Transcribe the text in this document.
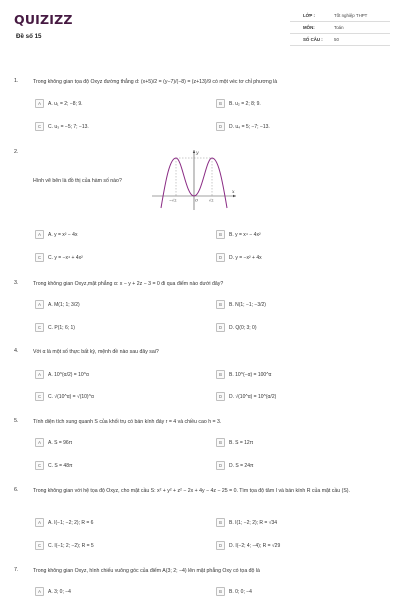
QUIZIZZ
Đề số 15
LỚP :	Tốt nghiệp THPT
MÔN:	Toán
SỐ CÂU :	50
1.	Trong không gian tọa độ Oxyz đường thẳng d: (x+5)/2 = (y−7)/(−8) = (z+13)/9 có một véc tơ chỉ phương là
A	A. u₁ = 2; −8; 9.	B	B. u₂ = 2; 8; 9.
C	C. u₃ = −5; 7; −13.	D	D. u₄ = 5; −7; −13.
2.
Hình vẽ bên là đồ thị của hàm số nào?
y
x
O
−√2	√2
A	A. y = x² − 4x	B	B. y = x⁴ − 4x²
C	C. y = −x⁴ + 4x²	D	D. y = −x² + 4x
3.	Trong không gian Oxyz,mặt phẳng α: x − y + 2z − 3 = 0 đi qua điểm nào dưới đây?
A	A. M(1; 1; 3/2)	B	B. N(1; −1; −3/2)
C	C. P(1; 6; 1)	D	D. Q(0; 3; 0)
4.	Với α là một số thực bất kỳ, mệnh đề nào sau đây sai?
A	A. 10^(α/2) = 10^α	B	B. 10^(−α) = 100^α
C	C. √(10^α) = √(10)^α	D	D. √(10^α) = 10^(α/2)
5.	Tính diện tích xung quanh S của khối trụ có bán kính đáy r = 4 và chiều cao h = 3.
A	A. S = 96π	B	B. S = 12π
C	C. S = 48π	D	D. S = 24π
6.	Trong không gian với hệ tọa độ Oxyz, cho mặt cầu S: x² + y² + z² − 2x + 4y − 4z − 25 = 0. Tìm tọa độ tâm I và bán kính R của mặt cầu (S).
A	A. I(−1; −2; 2); R = 6	B	B. I(1; −2; 2); R = √34
C	C. I(−1; 2; −2); R = 5	D	D. I(−2; 4; −4); R = √29
7.	Trong không gian Oxyz, hình chiếu vuông góc của điểm A(3; 2; −4) lên mặt phẳng Oxy có tọa độ là
A	A. 3; 0; −4	B	B. 0; 0; −4
